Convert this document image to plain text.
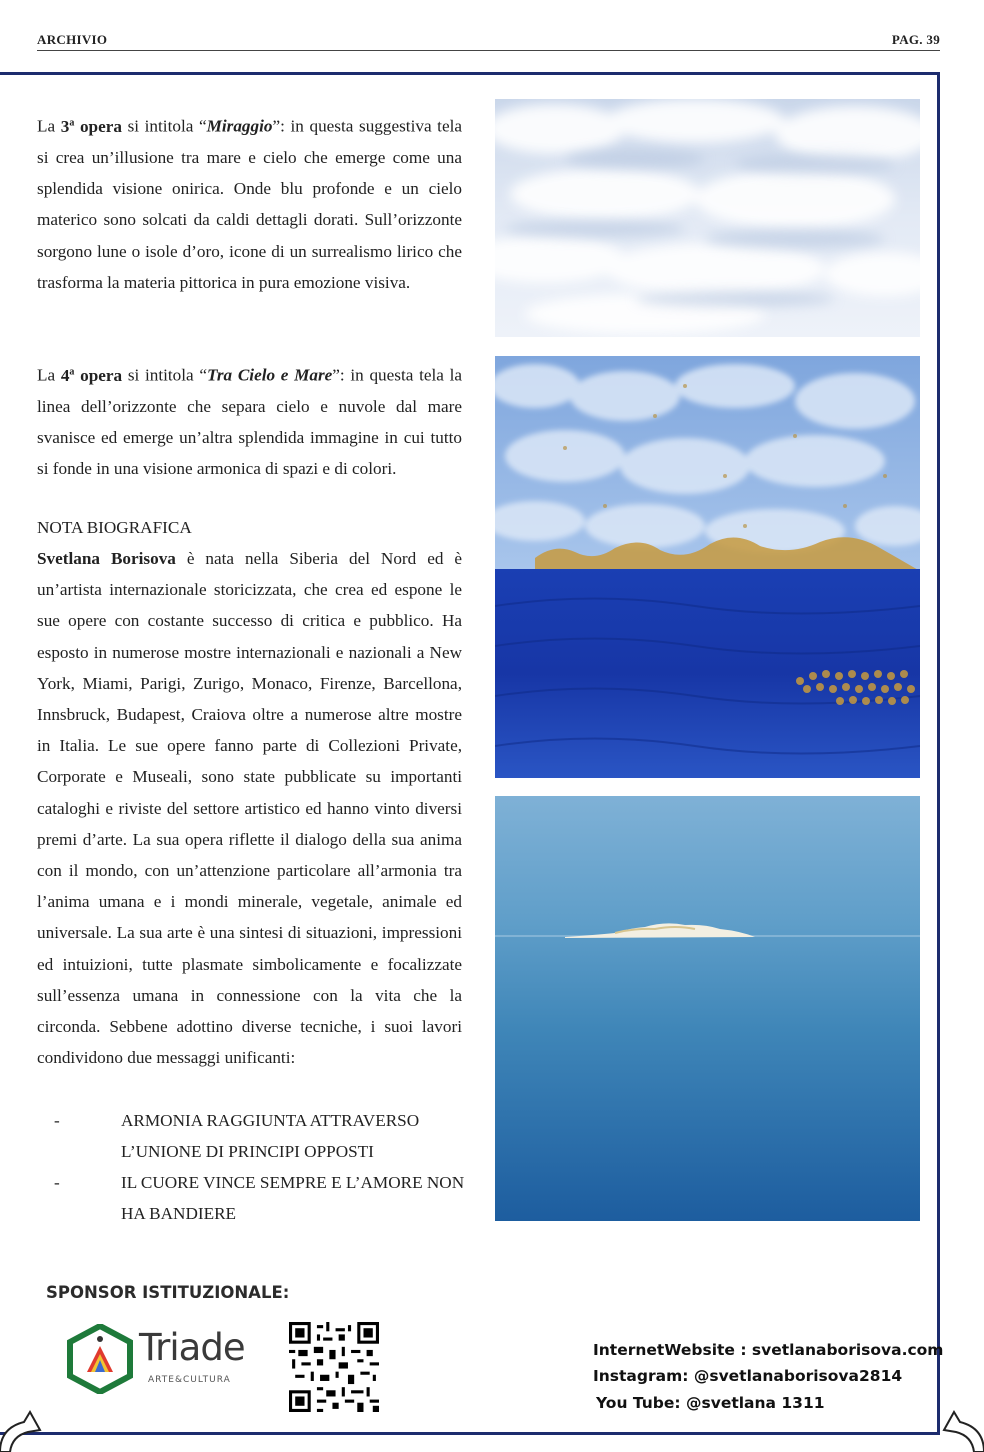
ARCHIVIO	PAG. 39

La 3$^a$ opera si intitola “Miraggio”: in questa suggestiva tela si crea un’illusione tra mare e cielo che emerge come una splendida visione onirica. Onde blu profonde e un cielo materico sono solcati da caldi dettagli dorati. Sull’orizzonte sorgono lune o isole d’oro, icone di un surrealismo lirico che trasforma la materia pittorica in pura emozione visiva.

La 4$^a$ opera si intitola “Tra Cielo e Mare”: in questa tela la linea dell’orizzonte che separa cielo e nuvole dal mare svanisce ed emerge un’altra splendida immagine in cui tutto si fonde in una visione armonica di spazi e di colori.

NOTA BIOGRAFICA

Svetlana Borisova è nata nella Siberia del Nord ed è un’artista internazionale storicizzata, che crea ed espone le sue opere con costante successo di critica e pubblico. Ha esposto in numerose mostre internazionali e nazionali a New York, Miami, Parigi, Zurigo, Monaco, Firenze, Barcellona, Innsbruck, Budapest, Craiova oltre a numerose altre mostre in Italia. Le sue opere fanno parte di Collezioni Private, Corporate e Museali, sono state pubblicate su importanti cataloghi e riviste del settore artistico ed hanno vinto diversi premi d’arte. La sua opera riflette il dialogo della sua anima con il mondo, con un’attenzione particolare all’armonia tra l’anima umana e i mondi minerale, vegetale, animale ed universale. La sua arte è una sintesi di situazioni, impressioni ed intuizioni, tutte plasmate simbolicamente e focalizzate sull’essenza umana in connessione con la vita che la circonda. Sebbene adottino diverse tecniche, i suoi lavori condividono due messaggi unificanti:

-	ARMONIA RAGGIUNTA ATTRAVERSO L’UNIONE DI PRINCIPI OPPOSTI
-	IL CUORE VINCE SEMPRE E L’AMORE NON HA BANDIERE
SPONSOR ISTITUZIONALE:
Triade
ARTE&CULTURA
InternetWebsite : svetlanaborisova.com
Instagram: @svetlanaborisova2814
You Tube: @svetlana 1311
